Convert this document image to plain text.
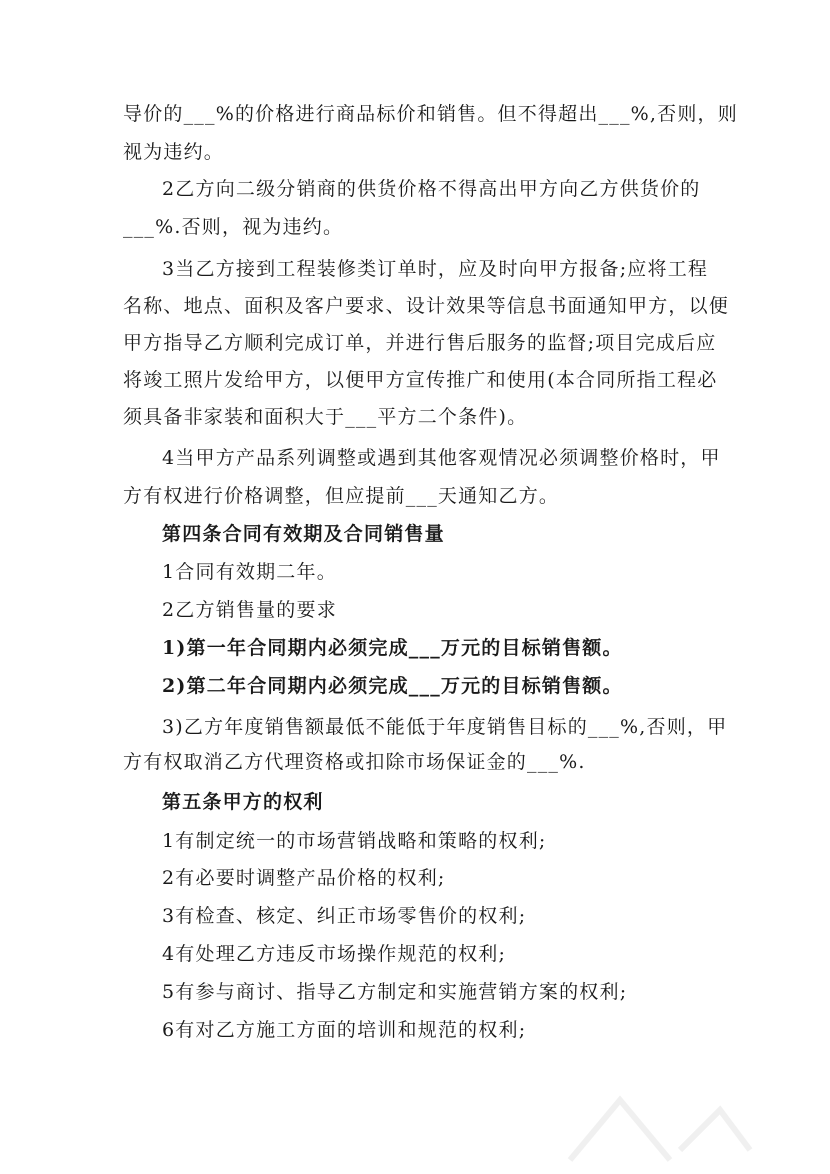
导价的___%的价格进行商品标价和销售。但不得超出___%,否则，则
视为违约。
2乙方向二级分销商的供货价格不得高出甲方向乙方供货价的
___%.否则，视为违约。
3当乙方接到工程装修类订单时，应及时向甲方报备;应将工程
名称、地点、面积及客户要求、设计效果等信息书面通知甲方，以便
甲方指导乙方顺利完成订单，并进行售后服务的监督;项目完成后应
将竣工照片发给甲方，以便甲方宣传推广和使用(本合同所指工程必
须具备非家装和面积大于___平方二个条件)。
4当甲方产品系列调整或遇到其他客观情况必须调整价格时，甲
方有权进行价格调整，但应提前___天通知乙方。
第四条合同有效期及合同销售量
1合同有效期二年。
2乙方销售量的要求
1)第一年合同期内必须完成___万元的目标销售额。
2)第二年合同期内必须完成___万元的目标销售额。
3)乙方年度销售额最低不能低于年度销售目标的___%,否则，甲
方有权取消乙方代理资格或扣除市场保证金的___%.
第五条甲方的权利
1有制定统一的市场营销战略和策略的权利;
2有必要时调整产品价格的权利;
3有检查、核定、纠正市场零售价的权利;
4有处理乙方违反市场操作规范的权利;
5有参与商讨、指导乙方制定和实施营销方案的权利;
6有对乙方施工方面的培训和规范的权利;
